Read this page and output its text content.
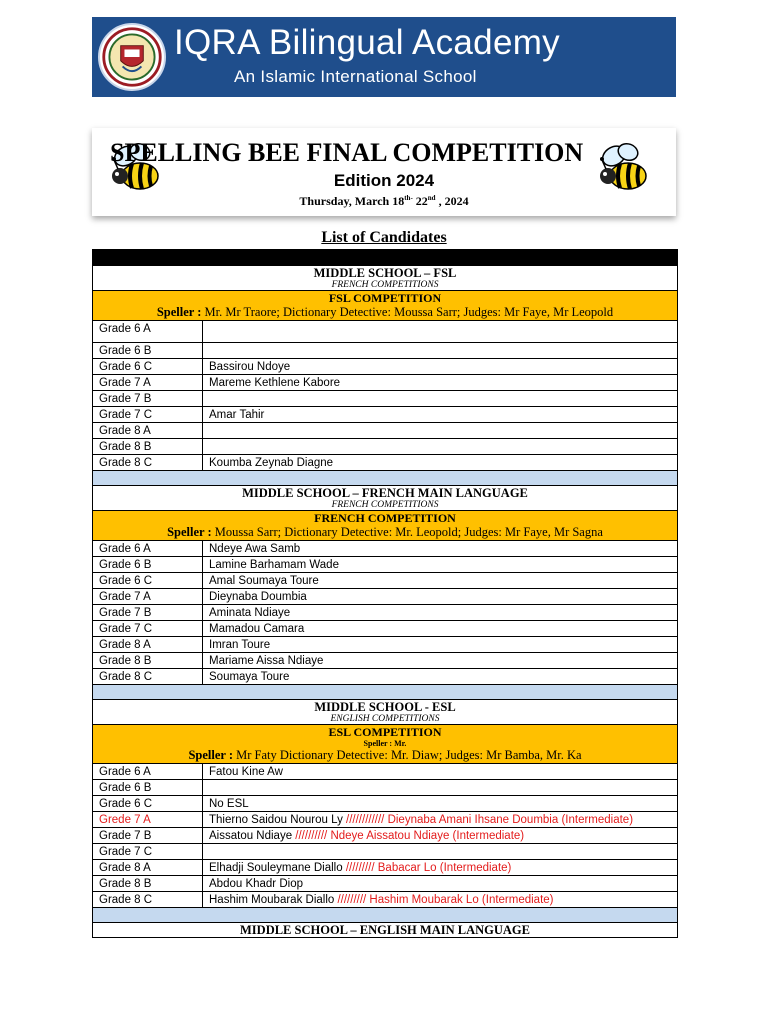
IQRA Bilingual Academy
An Islamic International School
SPELLING BEE FINAL COMPETITION
Edition 2024
Thursday, March $18^{th-}$ 22nd , 2024
List of Candidates

MIDDLE SCHOOL – FSL
FRENCH COMPETITIONS	

FSL COMPETITION
Speller : Mr. Mr Traore; Dictionary Detective: Moussa Sarr; Judges: Mr Faye, Mr Leopold	

Grade 6 A	
Grade 6 B	
Grade 6 C	Bassirou Ndoye
Grade 7 A	Mareme Kethlene Kabore
Grade 7 B	
Grade 7 C	Amar Tahir
Grade 8 A	
Grade 8 B	
Grade 8 C	Koumba Zeynab Diagne

MIDDLE SCHOOL – FRENCH MAIN LANGUAGE
FRENCH COMPETITIONS	

FRENCH COMPETITION
Speller : Moussa Sarr; Dictionary Detective: Mr. Leopold; Judges: Mr Faye, Mr Sagna	

Grade 6 A	Ndeye Awa Samb
Grade 6 B	Lamine Barhamam Wade
Grade 6 C	Amal Soumaya Toure
Grade 7 A	Dieynaba Doumbia
Grade 7 B	Aminata Ndiaye
Grade 7 C	Mamadou Camara
Grade 8 A	Imran Toure
Grade 8 B	Mariame Aissa Ndiaye
Grade 8 C	Soumaya Toure

MIDDLE SCHOOL - ESL
ENGLISH COMPETITIONS	

ESL COMPETITION
Speller : Mr.
Speller : Mr Faty Dictionary Detective: Mr. Diaw; Judges: Mr Bamba, Mr. Ka	

Grade 6 A	Fatou Kine Aw
Grade 6 B	
Grade 6 C	No ESL
Grede 7 A	Thierno Saidou Nourou Ly //////////// Dieynaba Amani Ihsane Doumbia (Intermediate)
Grade 7 B	Aissatou Ndiaye ////////// Ndeye Aissatou Ndiaye (Intermediate)
Grade 7 C	
Grade 8 A	Elhadji Souleymane Diallo ///////// Babacar Lo (Intermediate)
Grade 8 B	Abdou Khadr Diop
Grade 8 C	Hashim Moubarak Diallo ///////// Hashim Moubarak Lo (Intermediate)

MIDDLE SCHOOL – ENGLISH MAIN LANGUAGE	
